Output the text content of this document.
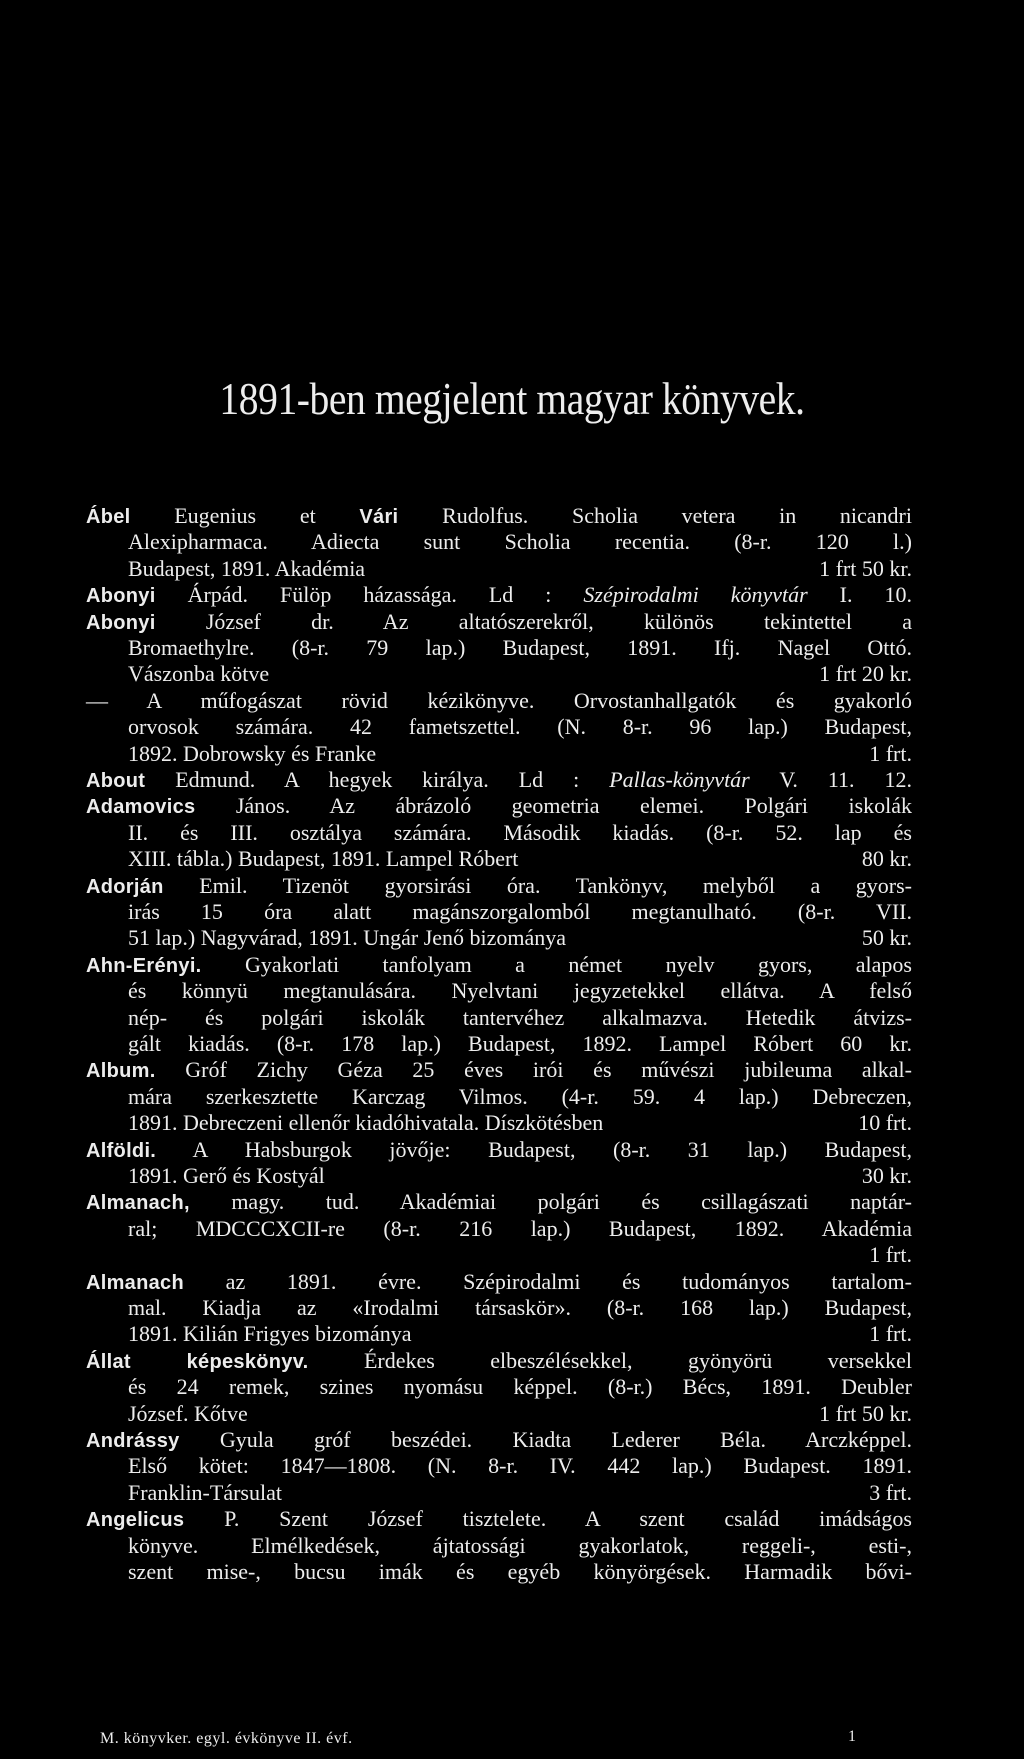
1891-ben megjelent magyar könyvek.
Ábel Eugenius et Vári Rudolfus. Scholia vetera in nicandri
Alexipharmaca. Adiecta sunt Scholia recentia. (8-r. 120 l.)
Budapest, 1891. Akadémia	1 frt 50 kr.
Abonyi Árpád. Fülöp házassága. Ld : Szépirodalmi könyvtár I. 10.
Abonyi József dr. Az altatószerekről, különös tekintettel a
Bromaethylre. (8-r. 79 lap.) Budapest, 1891. Ifj. Nagel Ottó.
Vászonba kötve	1 frt 20 kr.
— A műfogászat rövid kézikönyve. Orvostanhallgatók és gyakorló
orvosok számára. 42 fametszettel. (N. 8-r. 96 lap.) Budapest,
1892. Dobrowsky és Franke	1 frt.
About Edmund. A hegyek királya. Ld : Pallas-könyvtár V. 11. 12.
Adamovics János. Az ábrázoló geometria elemei. Polgári iskolák
II. és III. osztálya számára. Második kiadás. (8-r. 52. lap és
XIII. tábla.) Budapest, 1891. Lampel Róbert	80 kr.
Adorján Emil. Tizenöt gyorsirási óra. Tankönyv, melyből a gyors-
irás 15 óra alatt magánszorgalomból megtanulható. (8-r. VII.
51 lap.) Nagyvárad, 1891. Ungár Jenő bizománya	50 kr.
Ahn-Erényi. Gyakorlati tanfolyam a német nyelv gyors, alapos
és könnyü megtanulására. Nyelvtani jegyzetekkel ellátva. A felső
nép- és polgári iskolák tantervéhez alkalmazva. Hetedik átvizs-
gált kiadás. (8-r. 178 lap.) Budapest, 1892. Lampel Róbert 60 kr.
Album. Gróf Zichy Géza 25 éves irói és művészi jubileuma alkal-
mára szerkesztette Karczag Vilmos. (4-r. 59. 4 lap.) Debreczen,
1891. Debreczeni ellenőr kiadóhivatala. Díszkötésben	10 frt.
Alföldi. A Habsburgok jövője: Budapest, (8-r. 31 lap.) Budapest,
1891. Gerő és Kostyál	30 kr.
Almanach, magy. tud. Akadémiai polgári és csillagászati naptár-
ral; MDCCCXCII-re (8-r. 216 lap.) Budapest, 1892. Akadémia
1 frt.
Almanach az 1891. évre. Szépirodalmi és tudományos tartalom-
mal. Kiadja az «Irodalmi társaskör». (8-r. 168 lap.) Budapest,
1891. Kilián Frigyes bizománya	1 frt.
Állat képeskönyv. Érdekes elbeszélésekkel, gyönyörü versekkel
és 24 remek, szines nyomásu képpel. (8-r.) Bécs, 1891. Deubler
József. Kőtve	1 frt 50 kr.
Andrássy Gyula gróf beszédei. Kiadta Lederer Béla. Arczképpel.
Első kötet: 1847—1808. (N. 8-r. IV. 442 lap.) Budapest. 1891.
Franklin-Társulat	3 frt.
Angelicus P. Szent József tisztelete. A szent család imádságos
könyve. Elmélkedések, ájtatossági gyakorlatok, reggeli-, esti-,
szent mise-, bucsu imák és egyéb könyörgések. Harmadik bővi-
M. könyvker. egyl. évkönyve II. évf.	1
